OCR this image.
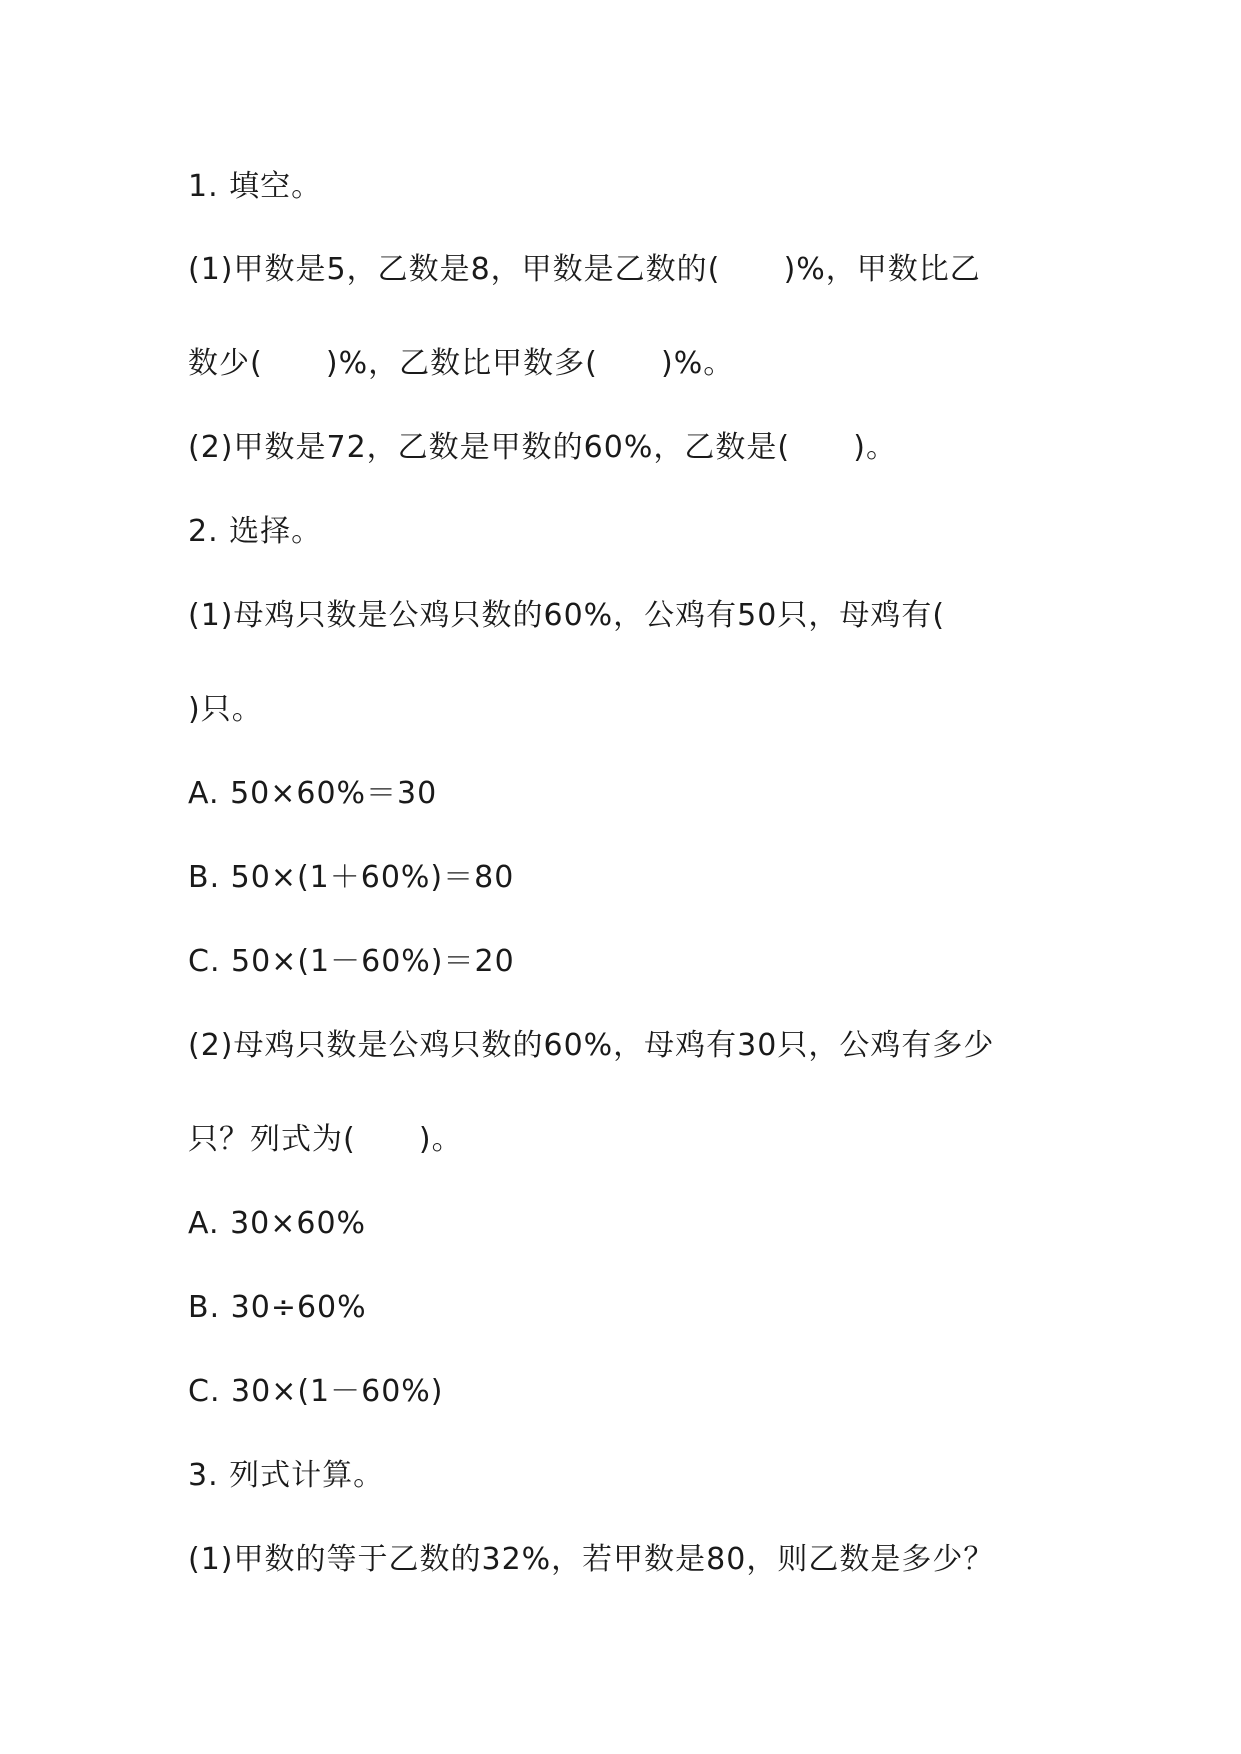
1. 填空。
(1)甲数是5，乙数是8，甲数是乙数的(      )%，甲数比乙
数少(      )%，乙数比甲数多(      )%。
(2)甲数是72，乙数是甲数的60%，乙数是(      )。
2. 选择。
(1)母鸡只数是公鸡只数的60%，公鸡有50只，母鸡有(
)只。
A. 50×60%＝30
B. 50×(1＋60%)＝80
C. 50×(1－60%)＝20
(2)母鸡只数是公鸡只数的60%，母鸡有30只，公鸡有多少
只？列式为(      )。
A. 30×60%
B. 30÷60%
C. 30×(1－60%)
3. 列式计算。
(1)甲数的等于乙数的32%，若甲数是80，则乙数是多少？
